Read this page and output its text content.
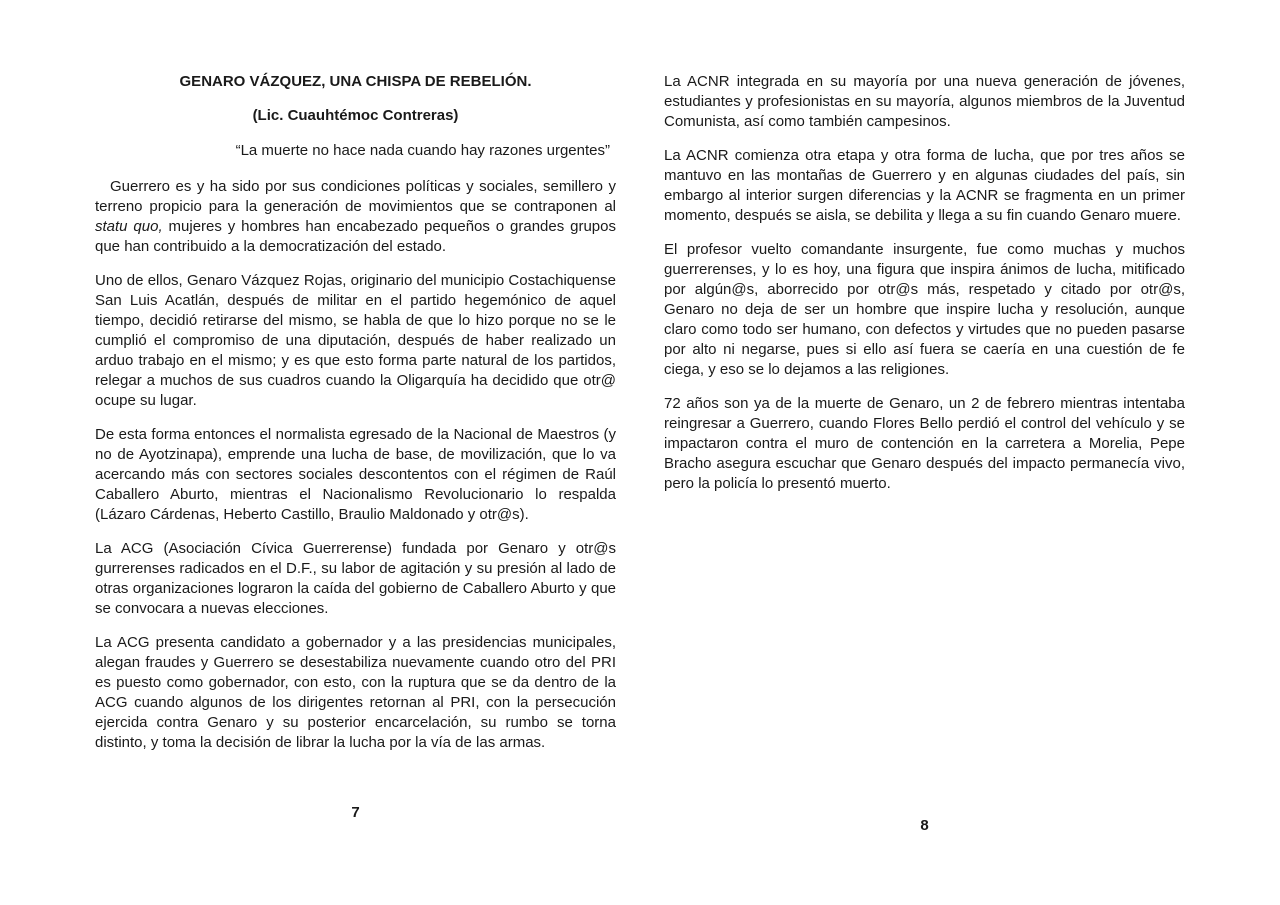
GENARO VÁZQUEZ, UNA CHISPA DE REBELIÓN.
(Lic. Cuauhtémoc Contreras)

“La muerte no hace nada cuando hay razones urgentes”

Guerrero es y ha sido por sus condiciones políticas y sociales, semillero y terreno propicio para la generación de movimientos que se contraponen al statu quo, mujeres y hombres han encabezado pequeños o grandes grupos que han contribuido a la democratización del estado.

Uno de ellos, Genaro Vázquez Rojas, originario del municipio Costachiquense San Luis Acatlán, después de militar en el partido hegemónico de aquel tiempo, decidió retirarse del mismo, se habla de que lo hizo porque no se le cumplió el compromiso de una diputación, después de haber realizado un arduo trabajo en el mismo; y es que esto forma parte natural de los partidos, relegar a muchos de sus cuadros cuando la Oligarquía ha decidido que otr@ ocupe su lugar.

De esta forma entonces el normalista egresado de la Nacional de Maestros (y no de Ayotzinapa), emprende una lucha de base, de movilización, que lo va acercando más con sectores sociales descontentos con el régimen de Raúl Caballero Aburto, mientras el Nacionalismo Revolucionario lo respalda (Lázaro Cárdenas, Heberto Castillo, Braulio Maldonado y otr@s).

La ACG (Asociación Cívica Guerrerense) fundada por Genaro y otr@s gurrerenses radicados en el D.F., su labor de agitación y su presión al lado de otras organizaciones lograron la caída del gobierno de Caballero Aburto y que se convocara a nuevas elecciones.

La ACG presenta candidato a gobernador y a las presidencias municipales, alegan fraudes y Guerrero se desestabiliza nuevamente cuando otro del PRI es puesto como gobernador, con esto, con la ruptura que se da dentro de la ACG cuando algunos de los dirigentes retornan al PRI, con la persecución ejercida contra Genaro y su posterior encarcelación, su rumbo se torna distinto, y toma la decisión de librar la lucha por la vía de las armas.

7

La ACNR integrada en su mayoría por una nueva generación de jóvenes, estudiantes y profesionistas en su mayoría, algunos miembros de la Juventud Comunista, así como también campesinos.

La ACNR comienza otra etapa y otra forma de lucha, que por tres años se mantuvo en las montañas de Guerrero y en algunas ciudades del país, sin embargo al interior surgen diferencias y la ACNR se fragmenta en un primer momento, después se aisla, se debilita y llega a su fin cuando Genaro muere.

El profesor vuelto comandante insurgente, fue como muchas y muchos guerrerenses, y lo es hoy, una figura que inspira ánimos de lucha, mitificado por algún@s, aborrecido por otr@s más, respetado y citado por otr@s, Genaro no deja de ser un hombre que inspire lucha y resolución, aunque claro como todo ser humano, con defectos y virtudes que no pueden pasarse por alto ni negarse, pues si ello así fuera se caería en una cuestión de fe ciega, y eso se lo dejamos a las religiones.

72 años son ya de la muerte de Genaro, un 2 de febrero mientras intentaba reingresar a Guerrero, cuando Flores Bello perdió el control del vehículo y se impactaron contra el muro de contención en la carretera a Morelia, Pepe Bracho asegura escuchar que Genaro después del impacto permanecía vivo, pero la policía lo presentó muerto.

8
